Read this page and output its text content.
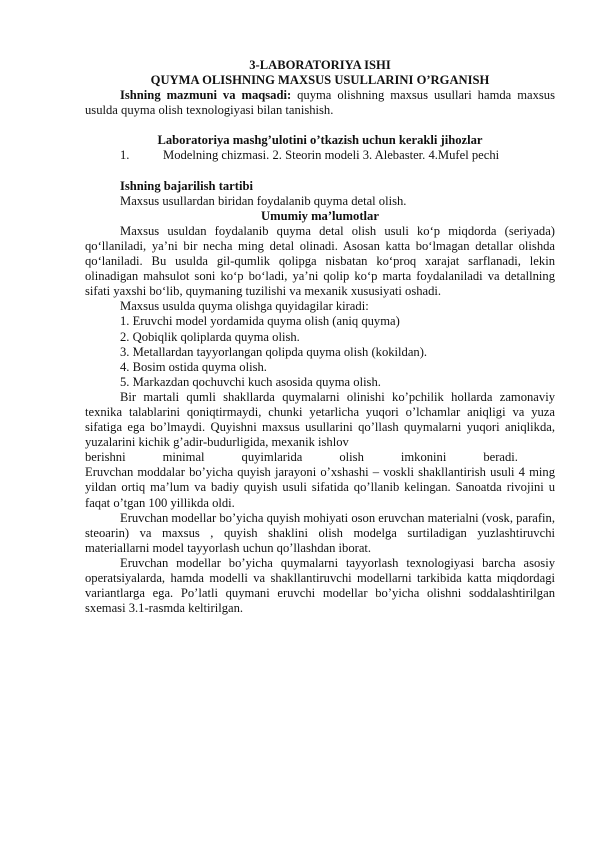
3-LABORATORIYA ISHI

QUYMA OLISHNING MAXSUS USULLARINI O’RGANISH

Ishning mazmuni va maqsadi: quyma olishning maxsus usullari hamda maxsus usulda quyma olish texnologiyasi bilan tanishish.

Laboratoriya mashg’ulotini o’tkazish uchun kerakli jihozlar

1.	Modelning chizmasi. 2. Steorin modeli 3. Alebaster. 4.Mufel pechi

Ishning bajarilish tartibi

Maxsus usullardan biridan foydalanib quyma detal olish.

Umumiy ma’lumotlar

Maxsus usuldan foydalanib quyma detal olish usuli ko‘p miqdorda (seriyada) qo‘llaniladi, ya’ni bir necha ming detal olinadi. Asosan katta bo‘lmagan detallar olishda qo‘laniladi. Bu usulda gil-qumlik qolipga nisbatan ko‘proq xarajat sarflanadi, lekin olinadigan mahsulot soni ko‘p bo‘ladi, ya’ni qolip ko‘p marta foydalaniladi va detallning sifati yaxshi bo‘lib, quymaning tuzilishi va mexanik xususiyati oshadi.

Maxsus usulda quyma olishga quyidagilar kiradi:

1. Eruvchi model yordamida quyma olish (aniq quyma)
2. Qobiqlik qoliplarda quyma olish.
3. Metallardan tayyorlangan qolipda quyma olish (kokildan).
4. Bosim ostida quyma olish.
5. Markazdan qochuvchi kuch asosida quyma olish.

Bir martali qumli shakllarda quymalarni olinishi ko’pchilik hollarda zamonaviy texnika talablarini qoniqtirmaydi, chunki yetarlicha yuqori o’lchamlar aniqligi va yuza sifatiga ega bo’lmaydi. Quyishni maxsus usullarini qo’llash quymalarni yuqori aniqlikda, yuzalarini kichik g’adir-budurligida, mexanik ishlov

berishni	minimal	quyimlarida	olish	imkonini	beradi.

Eruvchan moddalar bo’yicha quyish jarayoni o’xshashi – voskli shakllantirish usuli 4 ming yildan ortiq ma’lum va badiy quyish usuli sifatida qo’llanib kelingan. Sanoatda rivojini u faqat o’tgan 100 yillikda oldi.

Eruvchan modellar bo’yicha quyish mohiyati oson eruvchan materialni (vosk, parafin, steoarin) va maxsus , quyish shaklini olish modelga surtiladigan yuzlashtiruvchi materiallarni model tayyorlash uchun qo’llashdan iborat.

Eruvchan modellar bo’yicha quymalarni tayyorlash texnologiyasi barcha asosiy operatsiyalarda, hamda modelli va shakllantiruvchi modellarni tarkibida katta miqdordagi variantlarga ega. Po’latli quymani eruvchi modellar bo’yicha olishni soddalashtirilgan sxemasi 3.1-rasmda keltirilgan.
